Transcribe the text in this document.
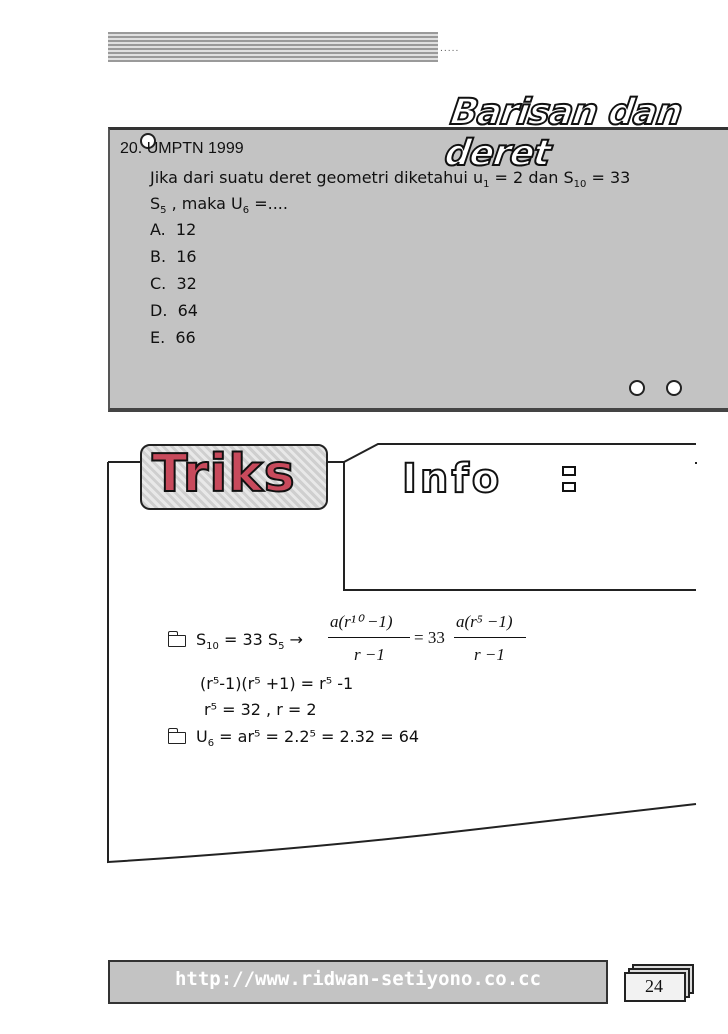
.....
Barisan dan deret
20. UMPTN 1999
Jika dari suatu deret geometri diketahui $u_1 = 2$ dan $S_{10} = 33$
$S_5$ , maka $U_6$ =....
A. 12
B. 16
C. 32
D. 64
E. 66
Triks	Info
$S_{10} = 33$ $S_5$ →
a(r¹⁰ −1)
r −1
= 33
a(r⁵ −1)
r −1
(r⁵-1)(r⁵ +1) = r⁵ -1
r⁵ = 32 , r = 2
$U_6 = ar^5 = 2.2^5 = 2.32 = 64$
http://www.ridwan-setiyono.co.cc	24
